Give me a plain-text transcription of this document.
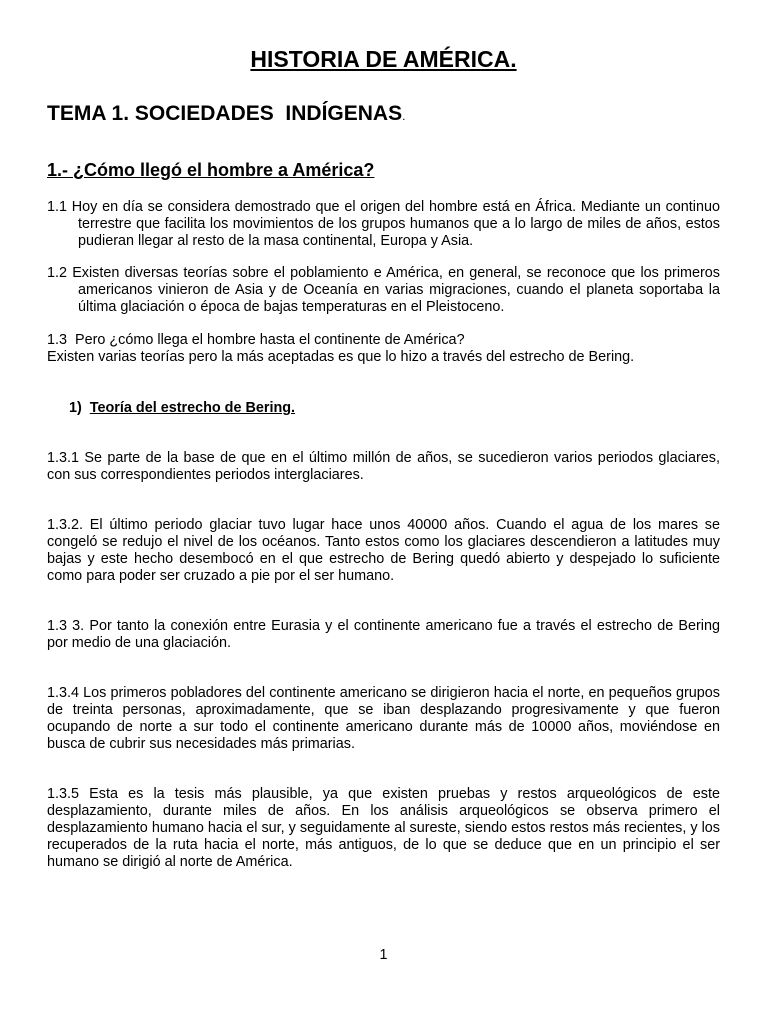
HISTORIA DE AMÉRICA.
TEMA 1. SOCIEDADES  INDÍGENAS.
1.- ¿Cómo llegó el hombre a América?

1.1 Hoy en día se considera demostrado que el origen del hombre está en África. Mediante un continuo terrestre que facilita los movimientos de los grupos humanos que a lo largo de miles de años, estos pudieran llegar al resto de la masa continental, Europa y Asia.

1.2 Existen diversas teorías sobre el poblamiento e América, en general, se reconoce que los primeros americanos vinieron de Asia y de Oceanía en varias migraciones, cuando el planeta soportaba la última glaciación o época de bajas temperaturas en el Pleistoceno.

1.3  Pero ¿cómo llega el hombre hasta el continente de América?

Existen varias teorías pero la más aceptadas es que lo hizo a través del estrecho de Bering.

1)  Teoría del estrecho de Bering.

1.3.1 Se parte de la base de que en el último millón de años, se sucedieron varios periodos glaciares, con sus correspondientes periodos interglaciares.

1.3.2. El último periodo glaciar tuvo lugar hace unos 40000 años. Cuando el agua de los mares se congeló se redujo el nivel de los océanos. Tanto estos como los glaciares descendieron a latitudes muy bajas y este hecho desembocó en el que estrecho de Bering quedó abierto y despejado lo suficiente como para poder ser cruzado a pie por el ser humano.

1.3 3. Por tanto la conexión entre Eurasia y el continente americano fue a través el estrecho de Bering por medio de una glaciación.

1.3.4 Los primeros pobladores del continente americano se dirigieron hacia el norte, en pequeños grupos de treinta personas, aproximadamente, que se iban desplazando progresivamente y que fueron ocupando de norte a sur todo el continente americano durante más de 10000 años, moviéndose en busca de cubrir sus necesidades más primarias.

1.3.5 Esta es la tesis más plausible, ya que existen pruebas y restos arqueológicos de este desplazamiento, durante miles de años. En los análisis arqueológicos se observa primero el desplazamiento humano hacia el sur, y seguidamente al sureste, siendo estos restos más recientes, y los recuperados de la ruta hacia el norte, más antiguos, de lo que se deduce que en un principio el ser humano se dirigió al norte de América.

1
